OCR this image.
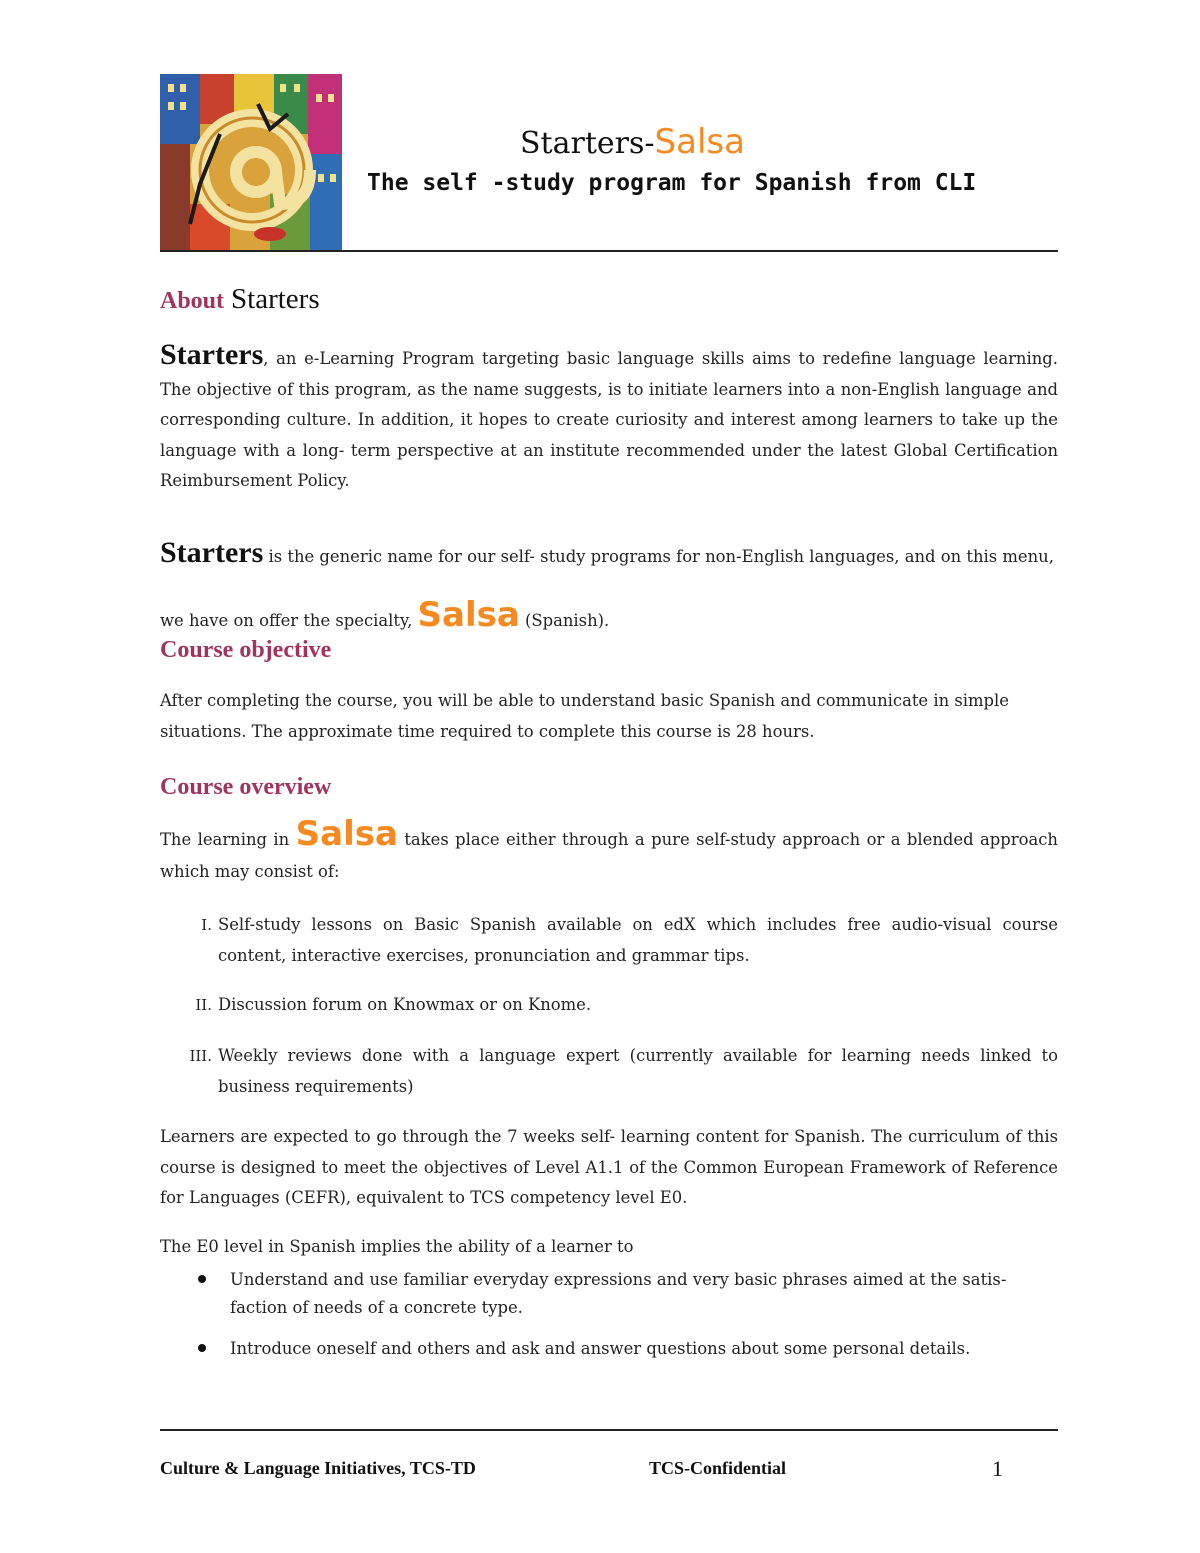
Starters-Salsa
The self -study program for Spanish from CLI
About Starters
Starters, an e-Learning Program targeting basic language skills aims to redefine language learning. The objective of this program, as the name suggests, is to initiate learners into a non-English language and corresponding culture. In addition, it hopes to create curiosity and interest among learners to take up the language with a long- term perspective at an institute recommended under the latest Global Certification Reimbursement Policy.
Starters is the generic name for our self- study programs for non-English languages, and on this menu, we have on offer the specialty, Salsa (Spanish).
Course objective
After completing the course, you will be able to understand basic Spanish and communicate in simple situations. The approximate time required to complete this course is 28 hours.
Course overview
The learning in Salsa takes place either through a pure self-study approach or a blended approach which may consist of:
I. Self-study lessons on Basic Spanish available on edX which includes free audio-visual course content, interactive exercises, pronunciation and grammar tips.
II. Discussion forum on Knowmax or on Knome.
III. Weekly reviews done with a language expert (currently available for learning needs linked to business requirements)
Learners are expected to go through the 7 weeks self- learning content for Spanish. The curriculum of this course is designed to meet the objectives of Level A1.1 of the Common European Framework of Reference for Languages (CEFR), equivalent to TCS competency level E0.
The E0 level in Spanish implies the ability of a learner to
Understand and use familiar everyday expressions and very basic phrases aimed at the satis- faction of needs of a concrete type.
Introduce oneself and others and ask and answer questions about some personal details.
Culture & Language Initiatives, TCS-TD	TCS-Confidential	1
